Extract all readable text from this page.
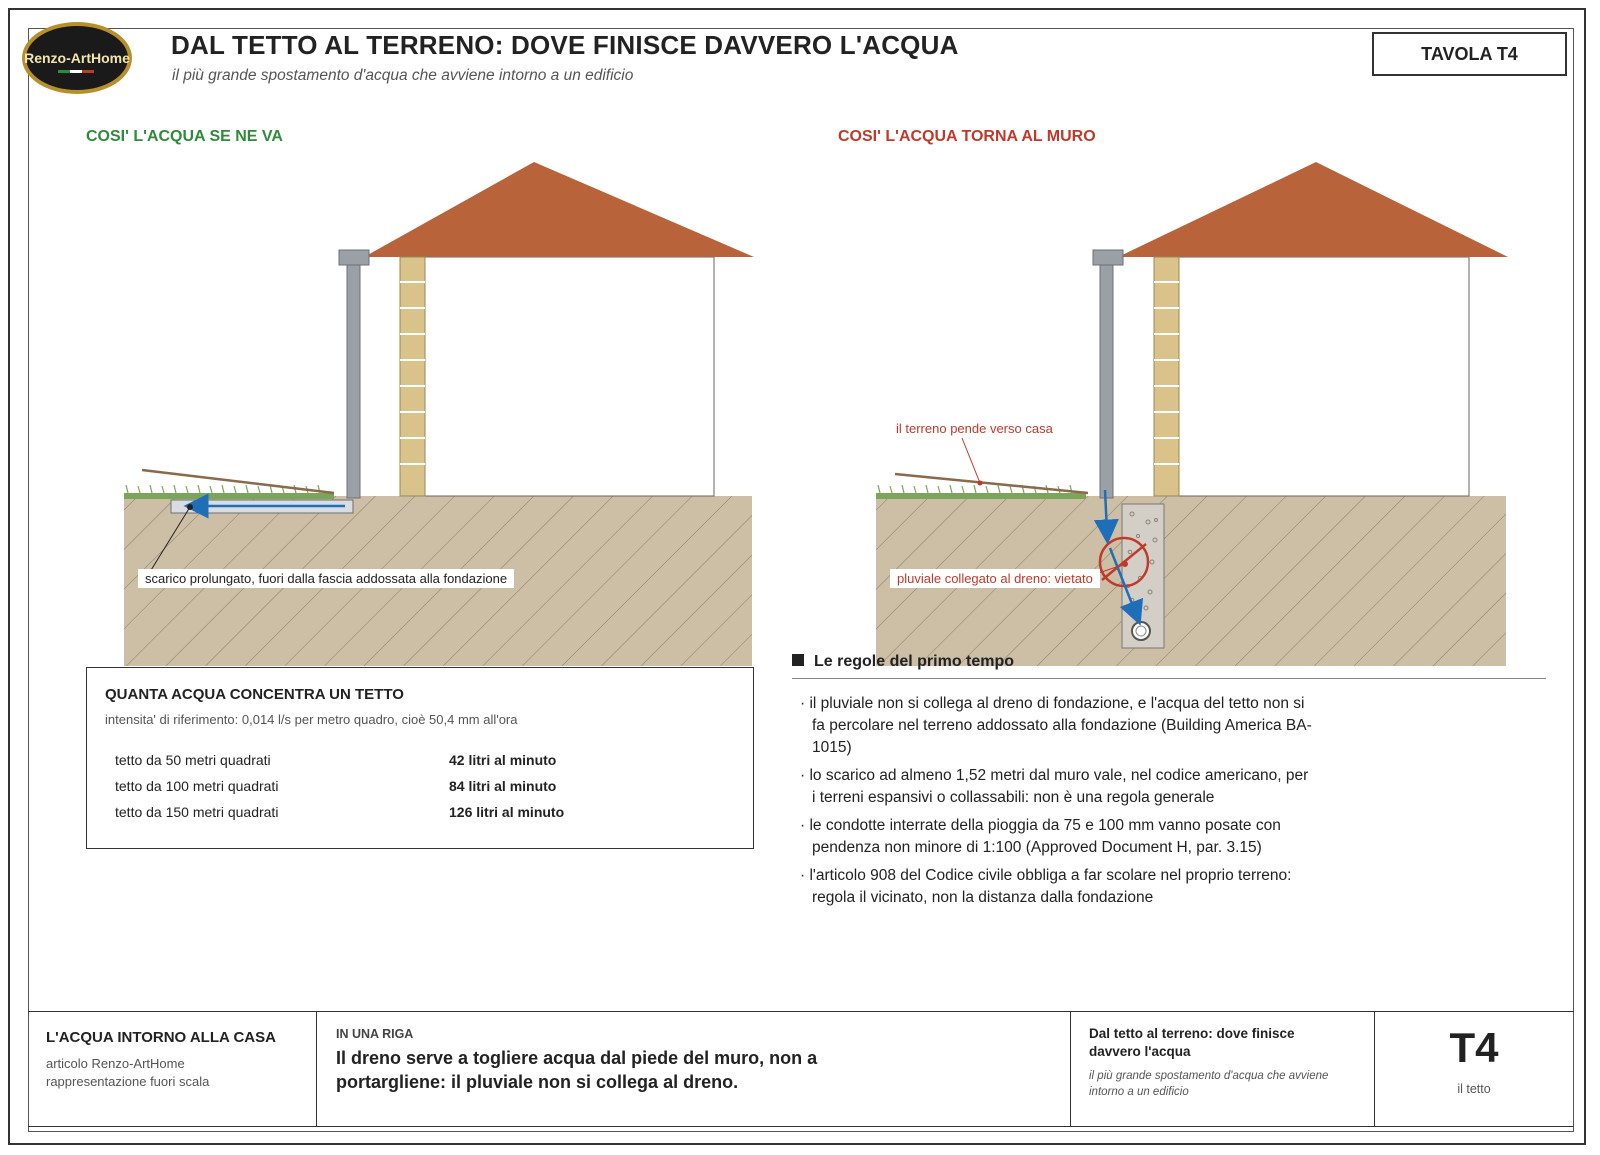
Renzo-ArtHome DAL TETTO AL TERRENO: DOVE FINISCE DAVVERO L'ACQUA
il più grande spostamento d'acqua che avviene intorno a un edificio
TAVOLA T4
COSI' L'ACQUA SE NE VA	COSI' L'ACQUA TORNA AL MURO
scarico prolungato, fuori dalla fascia addossata alla fondazione
il terreno pende verso casa
pluviale collegato al dreno: vietato
QUANTA ACQUA CONCENTRA UN TETTO
intensita' di riferimento: 0,014 l/s per metro quadro, cioè 50,4 mm all'ora
tetto da 50 metri quadrati	42 litri al minuto
tetto da 100 metri quadrati	84 litri al minuto
tetto da 150 metri quadrati	126 litri al minuto
Le regole del primo tempo

· il pluviale non si collega al dreno di fondazione, e l'acqua del tetto non si fa percolare nel terreno addossato alla fondazione (Building America BA-1015)

· lo scarico ad almeno 1,52 metri dal muro vale, nel codice americano, per i terreni espansivi o collassabili: non è una regola generale

· le condotte interrate della pioggia da 75 e 100 mm vanno posate con pendenza non minore di 1:100 (Approved Document H, par. 3.15)

· l'articolo 908 del Codice civile obbliga a far scolare nel proprio terreno: regola il vicinato, non la distanza dalla fondazione

L'ACQUA INTORNO ALLA CASA
articolo Renzo-ArtHome
rappresentazione fuori scala
IN UNA RIGA
Il dreno serve a togliere acqua dal piede del muro, non a portargliene: il pluviale non si collega al dreno.
Dal tetto al terreno: dove finisce davvero l'acqua
il più grande spostamento d'acqua che avviene intorno a un edificio
T4
il tetto
